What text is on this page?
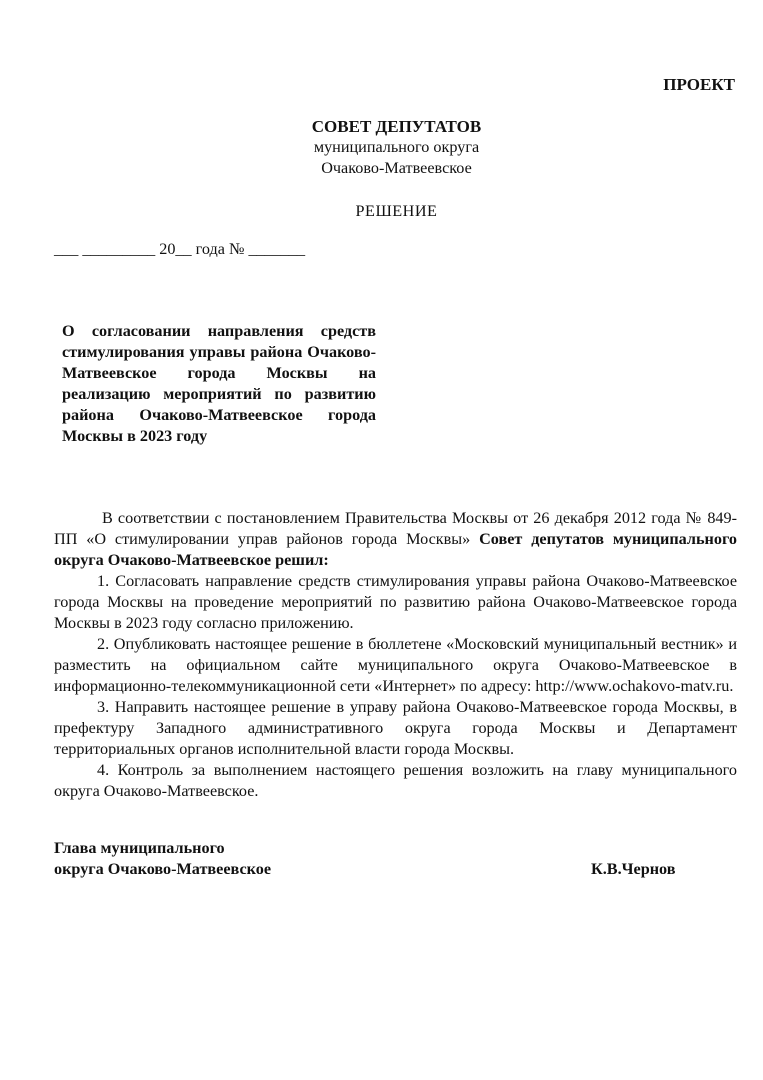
ПРОЕКТ
СОВЕТ ДЕПУТАТОВ
муниципального округа
Очаково-Матвеевское
РЕШЕНИЕ
___ _________ 20__ года № _______
О согласовании направления средств стимулирования управы района Очаково-Матвеевское города Москвы на реализацию мероприятий по развитию района Очаково-Матвеевское города Москвы в 2023 году

В соответствии с постановлением Правительства Москвы от 26 декабря 2012 года № 849-ПП «О стимулировании управ районов города Москвы» Совет депутатов муниципального округа Очаково-Матвеевское решил:

1. Согласовать направление средств стимулирования управы района Очаково-Матвеевское города Москвы на проведение мероприятий по развитию района Очаково-Матвеевское города Москвы в 2023 году согласно приложению.

2. Опубликовать настоящее решение в бюллетене «Московский муниципальный вестник» и разместить на официальном сайте муниципального округа Очаково-Матвеевское в информационно-телекоммуникационной сети «Интернет» по адресу: http://www.ochakovo-matv.ru.

3. Направить настоящее решение в управу района Очаково-Матвеевское города Москвы, в префектуру Западного административного округа города Москвы и Департамент территориальных органов исполнительной власти города Москвы.

4. Контроль за выполнением настоящего решения возложить на главу муниципального округа Очаково-Матвеевское.

Глава муниципального
округа Очаково-Матвеевское	К.В.Чернов
